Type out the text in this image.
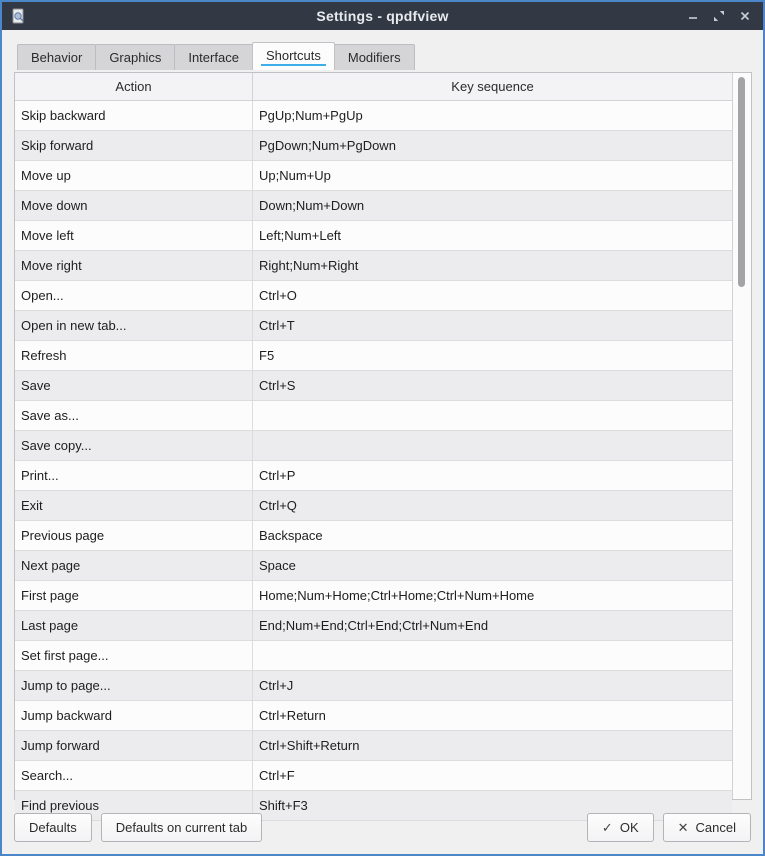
Settings - qpdfview
Behavior Graphics Interface	Shortcuts	Modifiers
Action	Key sequence
Skip backward	PgUp;Num+PgUp
Skip forward	PgDown;Num+PgDown
Move up	Up;Num+Up
Move down	Down;Num+Down
Move left	Left;Num+Left
Move right	Right;Num+Right
Open...	Ctrl+O
Open in new tab...	Ctrl+T
Refresh	F5
Save	Ctrl+S
Save as...
Save copy...
Print...	Ctrl+P
Exit	Ctrl+Q
Previous page	Backspace
Next page	Space
First page	Home;Num+Home;Ctrl+Home;Ctrl+Num+Home
Last page	End;Num+End;Ctrl+End;Ctrl+Num+End
Set first page...
Jump to page...	Ctrl+J
Jump backward	Ctrl+Return
Jump forward	Ctrl+Shift+Return
Search...	Ctrl+F
Find previous	Shift+F3
Defaults	Defaults on current tab	✓ OK	✕ Cancel
